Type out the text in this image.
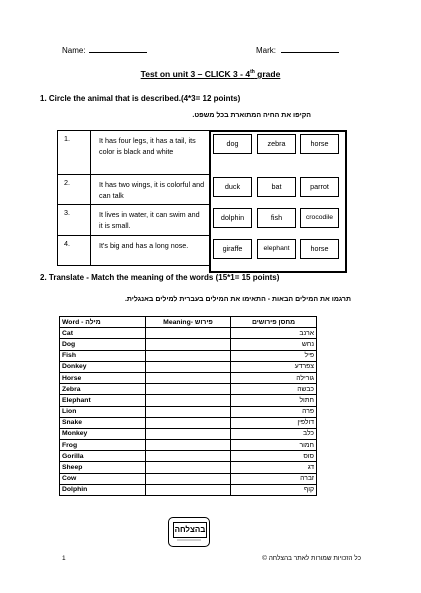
Name:	Mark:
Test on unit 3 – CLICK 3 - 4th grade
1. Circle the animal that is described.(4*3= 12 points)
הקיפו את החיה המתוארת בכל משפט.
1.	It has four legs, it has a tail, its color is black and white
2.	It has two wings, it is colorful and can talk
3.	It lives in water, it can swim and it is small.
4.	It's big and has a long nose.
dog	zebra	horse
duck	bat	parrot
dolphin	fish	crocodile
giraffe	elephant	horse
2. Translate - Match the meaning of the words (15*1= 15 points)
תרגמו את המילים הבאות - התאימו את המילים בעברית למילים באנגלית.
Word - מילה	Meaning- פירוש	מחסן פירושים
Cat		ארנב
Dog		נחש
Fish		פיל
Donkey		צפרדע
Horse		גורילה
Zebra		כבשה
Elephant		חתול
Lion		פרה
Snake		דולפין
Monkey		כלב
Frog		חמור
Gorilla		סוס
Sheep		דג
Cow		זברה
Dolphin		קוף
בהצלחה
1	כל הזכויות שמורות לאתר בהצלחה ©
